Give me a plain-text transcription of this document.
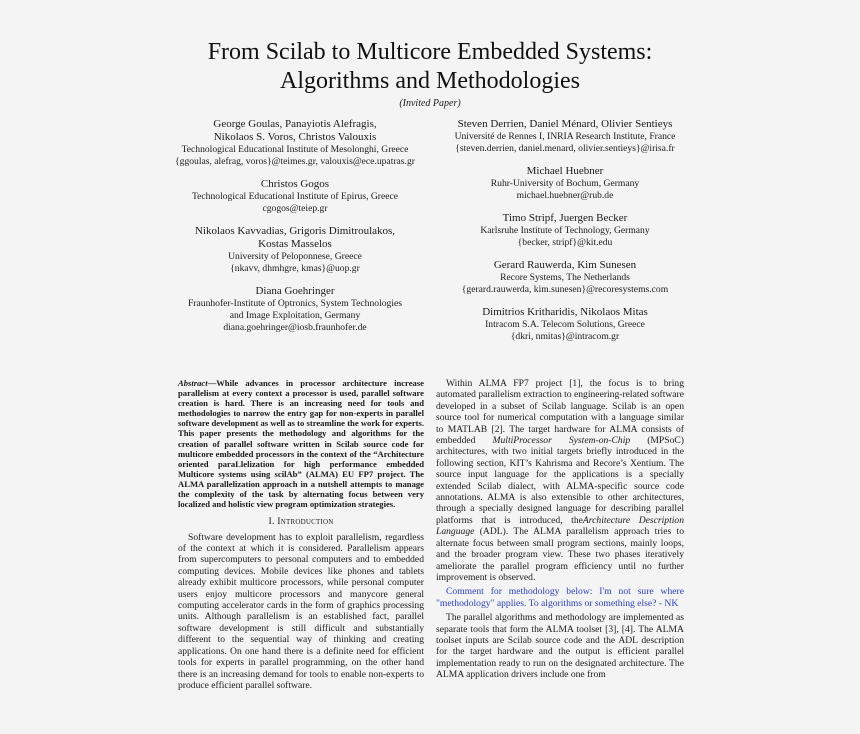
From Scilab to Multicore Embedded Systems:
Algorithms and Methodologies
(Invited Paper)
George Goulas, Panayiotis Alefragis,
Nikolaos S. Voros, Christos Valouxis
Technological Educational Institute of Mesolonghi, Greece
{ggoulas, alefrag, voros}@teimes.gr, valouxis@ece.upatras.gr
Christos Gogos
Technological Educational Institute of Epirus, Greece
cgogos@teiep.gr
Nikolaos Kavvadias, Grigoris Dimitroulakos,
Kostas Masselos
University of Peloponnese, Greece
{nkavv, dhmhgre, kmas}@uop.gr
Diana Goehringer
Fraunhofer-Institute of Optronics, System Technologies
and Image Exploitation, Germany
diana.goehringer@iosb.fraunhofer.de
Steven Derrien, Daniel Ménard, Olivier Sentieys
Université de Rennes I, INRIA Research Institute, France
{steven.derrien, daniel.menard, olivier.sentieys}@irisa.fr
Michael Huebner
Ruhr-University of Bochum, Germany
michael.huebner@rub.de
Timo Stripf, Juergen Becker
Karlsruhe Institute of Technology, Germany
{becker, stripf}@kit.edu
Gerard Rauwerda, Kim Sunesen
Recore Systems, The Netherlands
{gerard.rauwerda, kim.sunesen}@recoresystems.com
Dimitrios Kritharidis, Nikolaos Mitas
Intracom S.A. Telecom Solutions, Greece
{dkri, nmitas}@intracom.gr
Abstract—While advances in processor architecture increase parallelism at every context a processor is used, parallel software creation is hard. There is an increasing need for tools and methodologies to narrow the entry gap for non-experts in parallel software development as well as to streamline the work for experts. This paper presents the methodology and algorithms for the creation of parallel software written in Scilab source code for multicore embedded processors in the context of the “Architecture oriented paraLlelization for high performance embedded Multicore systems using scilAb” (ALMA) EU FP7 project. The ALMA parallelization approach in a nutshell attempts to manage the complexity of the task by alternating focus between very localized and holistic view program optimization strategies.
I. Introduction

Software development has to exploit parallelism, regardless of the context at which it is considered. Parallelism appears from supercomputers to personal computers and to embedded computing devices. Mobile devices like phones and tablets already exhibit multicore processors, while personal computer users enjoy multicore processors and manycore general computing accelerator cards in the form of graphics processing units. Although parallelism is an established fact, parallel software development is still difficult and substantially different to the sequential way of thinking and creating applications. On one hand there is a definite need for efficient tools for experts in parallel programming, on the other hand there is an increasing demand for tools to enable non-experts to produce efficient parallel software.

Within ALMA FP7 project [1], the focus is to bring automated parallelism extraction to engineering-related software developed in a subset of Scilab language. Scilab is an open source tool for numerical computation with a language similar to MATLAB [2]. The target hardware for ALMA consists of embedded MultiProcessor System-on-Chip (MPSoC) architectures, with two initial targets briefly introduced in the following section, KIT’s Kahrisma and Recore’s Xentium. The source input language for the applications is a specially extended Scilab dialect, with ALMA-specific source code annotations. ALMA is also extensible to other architectures, through a specially designed language for describing parallel platforms that is introduced, theArchitecture Description Language (ADL). The ALMA parallelism approach tries to alternate focus between small program sections, mainly loops, and the broader program view. These two phases iteratively ameliorate the parallel program efficiency until no further improvement is observed.

Comment for methodology below: I'm not sure where "methodology" applies. To algorithms or something else? - NK

The parallel algorithms and methodology are implemented as separate tools that form the ALMA toolset [3], [4]. The ALMA toolset inputs are Scilab source code and the ADL description for the target hardware and the output is efficient parallel implementation ready to run on the designated architecture. The ALMA application drivers include one from
